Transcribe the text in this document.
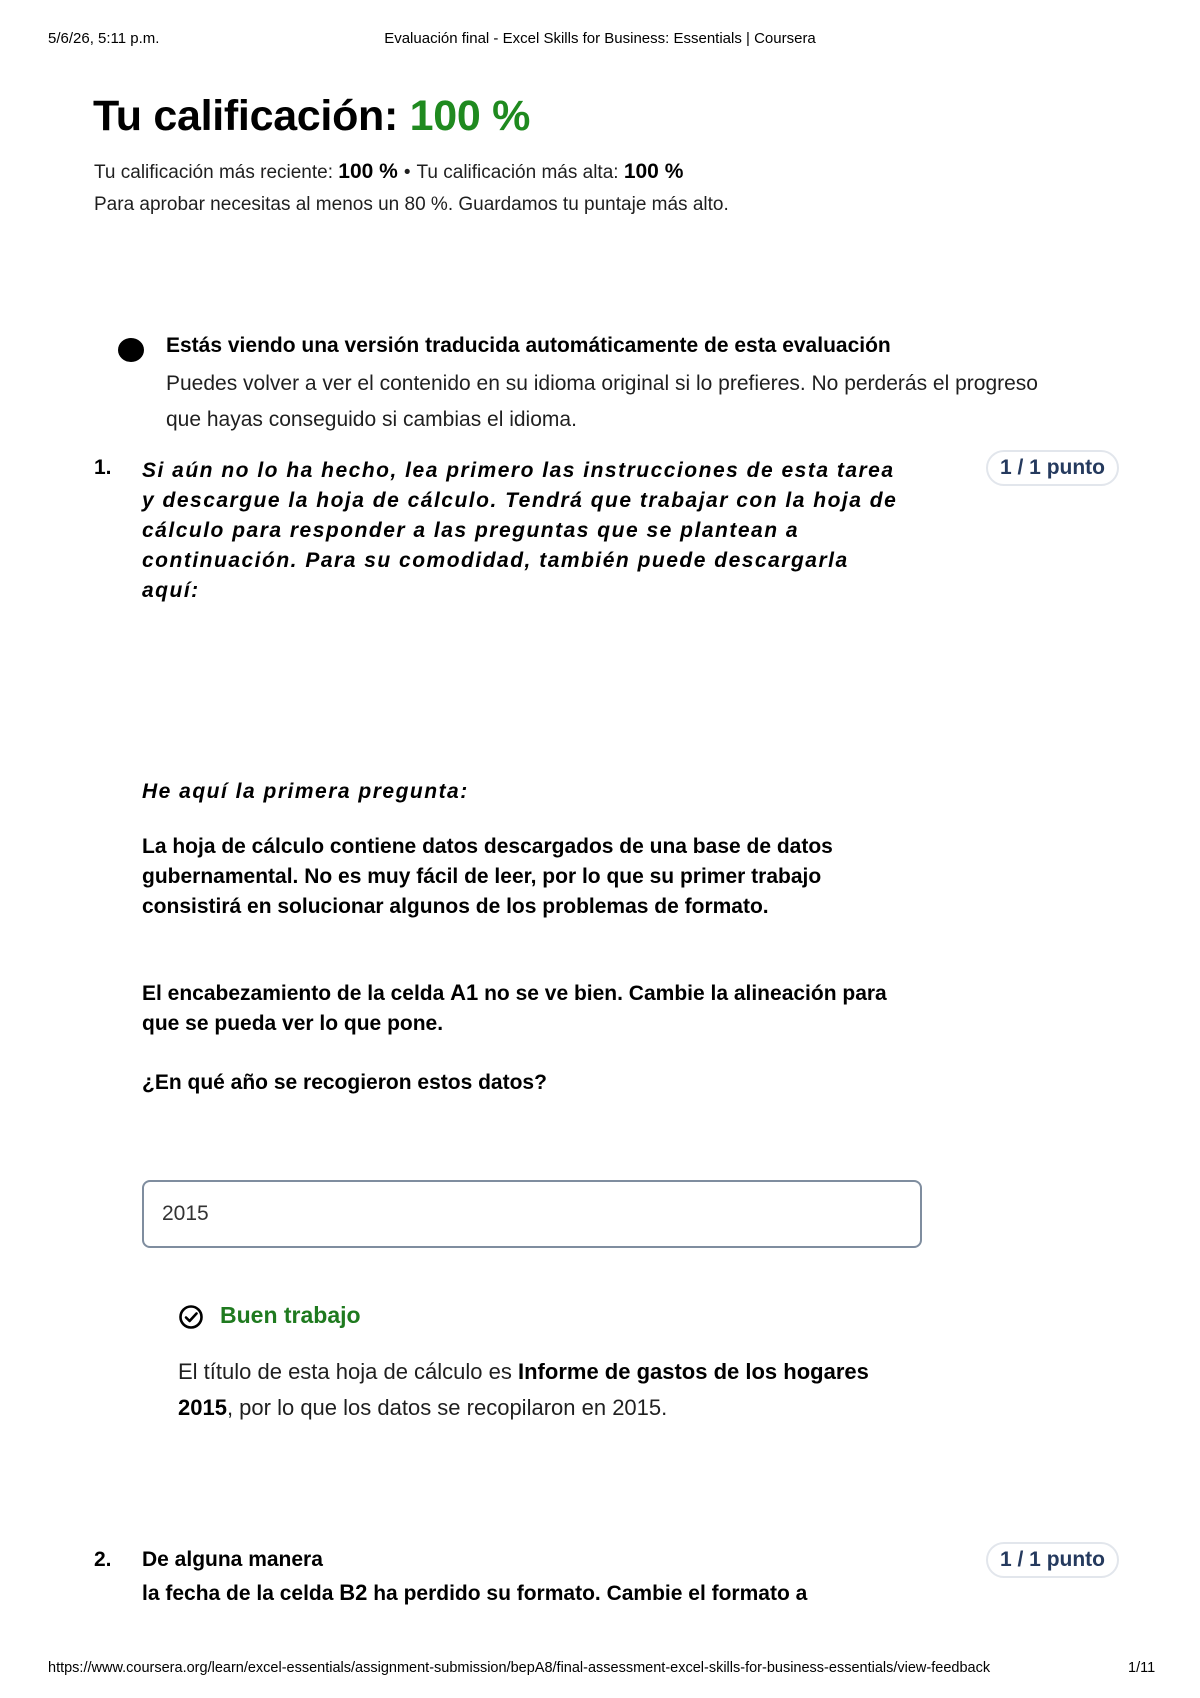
5/6/26, 5:11 p.m.	Evaluación final - Excel Skills for Business: Essentials | Coursera
Tu calificación: 100 %
Tu calificación más reciente: 100 % • Tu calificación más alta: 100 %
Para aprobar necesitas al menos un 80 %. Guardamos tu puntaje más alto.
Estás viendo una versión traducida automáticamente de esta evaluación
Puedes volver a ver el contenido en su idioma original si lo prefieres. No perderás el progreso que hayas conseguido si cambias el idioma.
1.	1 / 1 punto
Si aún no lo ha hecho, lea primero las instrucciones de esta tarea y descargue la hoja de cálculo. Tendrá que trabajar con la hoja de cálculo para responder a las preguntas que se plantean a continuación. Para su comodidad, también puede descargarla aquí:
He aquí la primera pregunta:

La hoja de cálculo contiene datos descargados de una base de datos gubernamental. No es muy fácil de leer, por lo que su primer trabajo consistirá en solucionar algunos de los problemas de formato.

El encabezamiento de la celda A1 no se ve bien. Cambie la alineación para que se pueda ver lo que pone.

¿En qué año se recogieron estos datos?

2015
Buen trabajo
El título de esta hoja de cálculo es Informe de gastos de los hogares 2015, por lo que los datos se recopilaron en 2015.
2.	1 / 1 punto
De alguna manera
la fecha de la celda B2 ha perdido su formato. Cambie el formato a
https://www.coursera.org/learn/excel-essentials/assignment-submission/bepA8/final-assessment-excel-skills-for-business-essentials/view-feedback	1/11
